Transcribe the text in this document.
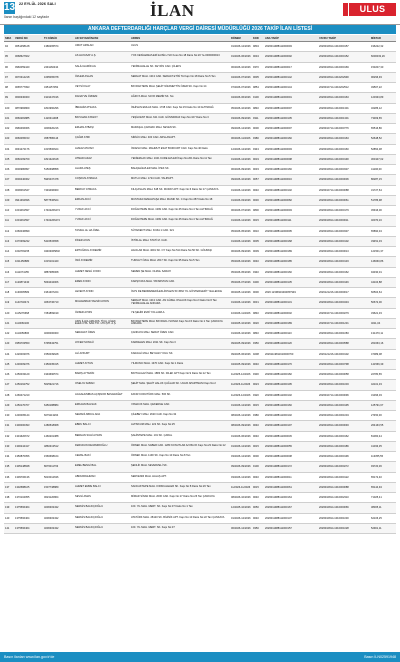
13 22 EYLÜL 2026 SALI
İlanın başlığındaki 12 sayfadır	İLAN	ULUS
ANKARA DEFTERDARLIĞI HARÇLAR VERGİ DAİRESİ MÜDÜRLÜĞÜ 2026 TAKİP İLAN LİSTESİ
SIRA	VERGİ NO	TC KİMLİK	AD SOYAD/ÜNVAN	ADRES	DÖNEM	KOD	ANA TAKİP	YAVRU TAKİP	MİKTAR
94	0651458128	1380265574	UMUT ARSLAN	ULUS	01/2026-12/2026	9804	2026011988111000093	2026010814-1010000157	196222,32
95	0668627602		AS HAYASAT A.Ş.	YOK KESİLEREVLERİ EUSİLU SO Koso No:18 Daire No:20 Ye-0000000013	01/2026-06/2026	9034	2026011988111000092	2026010814-1010000152	6000033,29
96	0960059440	2491160434	SALİH HAMİD AG	YENİMAHALLE SK. KEYFİN CAD. ÇİLEKS	06/2026-10/2026	9370	2026011988111000017	2026010814-1010000169	153207,30
97	0070314218	1695065078	ÖZLEM ASLAN	SERHAT MAH. 1313 CAD. SERHAT ETİSİ TA Kapı No:18 Daire No:5 Tan	04/2026-07/2026	9605	2026011988111000142	2026010814-1010202990	96296,93
98	0065777993	4351157052	VEYSİ KILAY	BAYRAKTEPE MAH. ŞEHİT NİZAMETTİN ÖZER SK. Kapı No:14	07/2026-07/2026	9854	2026011988111000144	2026010714-1010202512	49507,22
99	0600330000	1919447196	DANAYVE ÖZDEM	AĞZIYA MAH. SAYR MEMİR SK. No:	04/2026-06/2026	9100	2026011988111000091	2026010814-1010000163	120333,89
100	0870984809	1810960296	İBRAHİM ATSAKA	İNHİSLIN EMLAK MAH. 1738 CAD. Kapı No:15 Daire No:10 ALTINDAĞ	05/2026-10/2026	9840	2026011988111000097	2026010814-1010001301	32286,12
101	0660281885	1420311908	BATUHAN ATASOY	YEŞİLKENT MAH. 621 CAD. GÜNSIDRAF Kapı No:107 Daire No:3	03/2026-09/2026	9311	2026011988111000105	2026010814-1010001301	73309,65
102	0966466066	4606320216	ERHAN ATBAŞI	MARAŞAL ÇAKMAK MAH. SEVEN SK.	09/2026-12/2026	9000	2026011988111000097	2026010714-1010000776	65516,86
103	0060065153	4587580116	ÇAĞRI ATMI	SİRİLİK MAH. 400 CAD. ARSLANAPT.	06/2026-11/2026	9380	2026011988111000160	2026010814-1010000163	52648,52
104	0091272176	1615500624	ALMAZ ATAYEV	İNCESU MAH. MAHMUT ESAT BOZKURT CAD. Kapı No:40 Daire	12/2026-12/2026	9343	2026011988111000093	2026010814-1010000160	52854,38
105	0060169709	1821324618	ATMADI AFAZ	YENİEMLAK MAH. 1041 KURE EVLERİ Kapı No:201 Daire No:11 Tan	01/2026-12/2026	9019	2026011988111000098	2026010814-1010000190	300107,02
106	0000980897	5150698858	ALARA ATEŞ	BAHÇELİEVLER MAH. İPEK SK.	06/2026-09/2026	9033	2026011988111000166	2026010814-1010000337	41196,00
107	0000440062	5945437478	COŞKUN ATMACA	MUTLU MAH. 1724 CAD. TALIPAPT.	09/2026-10/2026	9057	2026011988111000016	2026010814-1010000006	86287,15
108	0006061547	7449496960	BERKAY ATMACA	KILIÇASLAN MAH. 648 SK. MURAT APT. Kapı No:6 Daire No:17 ÇANKAYA	01/2026-12/2026	9040	2026011988111000102	2026010714-1010000088	31727,64
109	0941362696	5877536524	ERKAN AKCİ	MUSTAFA KEMALPAŞA MAH. MANIK SK. C Kapı No:287 Daire No:18	01/2026-03/2026	9030	2026011988111000082	2026010814-1010000061	51786,98
110	1001061597	17402266474	YUSUF AKCİ	DOĞANTEPE MAH. 1399 CAD. Kapı No:45 Daire No:4 Tan ALTINDAĞ	06/2026-07/2026	9800	2026011988111000093	2026010814-1010000179	45916,00
111	1001061597	17402266474	YUSUF AKCİ	DOĞANTEPE MAH. 1399 CAD. Kapı No:45 Daire No:4 Tan ALTINDAĞ	01/2026-12/2026	9015	2026011988111000111	2026010814-1010000011	40070,16
112	1060046899		TASFAL AL HA ÖZEL	SÜYEKENT MAH. KOZA 1 CAD. 321	05/2026-05/2026	9610	2026011988111000095	2026010814-1010000337	65890,34
113	1070369232	5416515658	FİKER AYAN	İSTİKLAL MAH. STATİ M. CAD.	01/2026-12/2026	9005	2026011988111000168	2026010814-1010000102	33451,33
114	1002781155	04463065832	ERTUĞRUL AYDEMİR	HACILAR MAH. 4091 SK. OY Kapı No:514 Daire No:50 SK. GÖLBAŞI	06/2026-09/2026	9009	2026011988111000189	2026010814-1010000013	121501,37
115	1011450880	1015101440	İNCİ AYDEMİR	TURGUT ÖZAL MAH. 2617 SK. Kapı No:35 Daire No:5 Tan	05/2026-04/2026	9040	2026011988111000185	2026010814-1010000133	146660,86
116	1111074155	0887385068	AHMET NESLİ AYDIN	SEMEN ŞE MAH. OLMAL SARAYI	05/2026-05/2026	9340	2026011988111000160	2026010814-1010000162	94330,01
117	1120871430	5694434006	EREN AYDIN	KARŞIYAKA MAH. TATARSTAN CAD.	05/2026-07/2026	9400	2026011988111000135	2026010814-1010000146	44104,88
118	1130605582	1961307224	LEVENT AYDIN	İNJ'S DE BEDREMEDİLEKLİKPLEIN 50 4562 YIL GÖSTERGEFİT YELLENCE	06/2025-12/2026	9000	2026 12398119490057949	2026121216-1010000017	66504,64
119	1143746471	4663736710	MUHAMMAD TAHSİN AYDIN	SERHAT MAH. 1313 CAD. AN GÜZEL OSLAUK Kapı No:2 Daire No:6 Tan YENİMAHALLE ANKARA	01/2026-12/2026	9031	2026011988111000131	2026010814-1010000434	50672,00
120	1115276668	7281869199	ÖZZER AYDIN	YE ŞEHİR EVRİ YOLLAWLA	10/2026-11/2026	9840	2026011988111000002	2026010714-1010000279	33621,33
121	1110060100		AKIN İLAÇLAMA DIŞ. TİCA. ÇİLEK ELEK.OTA. SAN.TİC. LTD.ŞTİ. A.Ş.	BAYRAKTEPE MAH. BAYRAKLI SONAK Kapı No:15 Daire No:1 Tan ÇANKAYA ANKARA	04/2025-10/2026	9020	2026011988111000189	2026010714-1010001231	4011,04
122	1114650806	4000000000	SERAHAT ÖZEN	ÇANKAYA MAH. SERAT ÖZEN CAD.	01/2026-10/2026	9840	2026011988111000110	2026010814-1010001083	131470,11
123	0359703550	6795643751	AYFER SONGÜ	KARDELEN MAH. 2011 SK. Kapı No:3	09/2025-09/2026	9350	2026011988111000120	2026010814-1010000588	261663,16
124	1220003976	1550039628	ALİ AVKURT	KARAALİ MAH. BEYHAN YOLU SK.	09/2025-06/2026	9208	20261119811910000760	2026121216-1010000102	47089,08
125	1230009376	1350035315	AHMET AYTAN	YILMUNCI MAH. 1370 CAD. Kapı No:1 Daire	04/2025-09/2026	9040	2026011988111000176	2026010814-1010000798	141566,39
126	1250033129	1994690574	BARIŞ AYTEKİN	BATTALGAZİ MAH. 1883 SK. DILEK APT Kapı No:9 Daire No:12 Tan	11/2025-12/2026	9330	2026011988111000182	2026010814-1010000058	22780,65
127	1250162752	5625921716	OSELYA SABAN	ŞEHİT MAH. ŞEHİT HALUK ÇAĞLAR SK. UGUR APARTMANI Kapı No:2	11/2026-11/2026	9023	2026011988111000195	2026010814-1010001003	42101,33
128	1266471210		AGGAHUMBAS AÇIŞNOR BASARAĞET	FAKIR KORUTÜRK MAH. 506 SK.	11/2026-12/2026	9320	2026011988111000102	2026010714-1010000096	31396,03
129	1250170707	6450188884	ERKAHN BALSAK	YAMACIK MAH. ÇEKERGE CAD.	01/2026-12/2026	9015	2026011988111000160	2026010814-1010000195	125791,67
130	1230005144	6079113264	NEMANİ ABDUL ADA	ÇİLEBEY MAH. 2620 CAD. Kapı No:32	08/2026-12/2026	9380	2026011988111000102	2026010814-1010001004	27450,30
131	1300000393	1280518968	EBRU BALCI	ALTINKUM MAH. 222 SK. Kapı No:25	08/2026-09/2026	9040	2026011988111000197	2026010814-1010000093	264163,55
132	1301620672	1460201388	BERHAN SUHİ AYRAN	ŞAHİNTEPE MAH. 101 SK. ÇARAL	01/2026-06/2026	9040	2026011988111000045	2026010814-1010000162	81060,44
133	1300244417	4860313512	FERUDUN DEVAMIROĞLU	ÖRNEK MAH. SABER CAD. 1280 KONUTLAR A/3 BLOK Kapı No:23 Daire No:12	01/2026-12/2026	9015	2026011988111000055	2026010814-1010000186	41033,35
134	1350870056	1566668164	CEMAL BAKİ	ÖRNEK MAH. 1190 SK. Kapı No:13 Daire No:8 Tan	03/2026-12/2026	9000	2026011988111000008	2026010814-1010000196	113355,55
135	1305148848	8076011763	EMEL BENGİ BAL	ŞENLİK MAH. SEVERVELİ SK.	09/2026-09/2026	9100	2026011988111000172	2026010814-1010000272	93720,36
136	1309706136	5016012636	ABDURRAHMAN	SERVENDI MAH. HALAŞ APT.	03/2026-12/2026	9040	2026011988111000011	2026010814-1010000122	65172,40
137	1302588105	1507738889	AHMET EMRE BALCI	SANCAKTEPE MAH. KIRKKALELER SK. Kapı No:8 Daire No:26 Tan	11/2026-11/2026	9015	2026011988111000061	2026010814-1010000088	65144,94
138	1370104055	0623120864	SEVGİ AMAS	MİMAR SİNAN MAH. 2006 CAD. Kapı No:17 Daire No:26 Tan ÇANKAYA	08/2026-10/2026	9040	2026011988111000164	2026010814-1010002310	71025,41
139	1375566464	4006303432	NERGİS BALIKÇIOĞLU	100. YIL MAH. MERT. SK. Kapı No:37 Daire No:1 Tan	12/2025-10/2026	9050	2026011988111000167	2026010814-1010000066	38305,11
140	1375566464	4006303432	NERGİS BALIKÇIOĞLU	ATATÜRK MAH. 28120 SK. BİHİSİK APT. Kapı No:13 Daire No:22 Tan ÇANKAYA	01/2026-12/2026	9040	2026011988111000137	2026010814-1010001030	62106,25
141	1375566464	4006303432	NERGİS BALIKÇIOĞLU	100. YIL MAH. MERT. SK. Kapı No:37	06/2026-12/2026	9350	2026011988111000157	2026010814-1010001028	52901,11
Basın ilanları www.ilan.gov.tr'de	Basın İLN02591948
